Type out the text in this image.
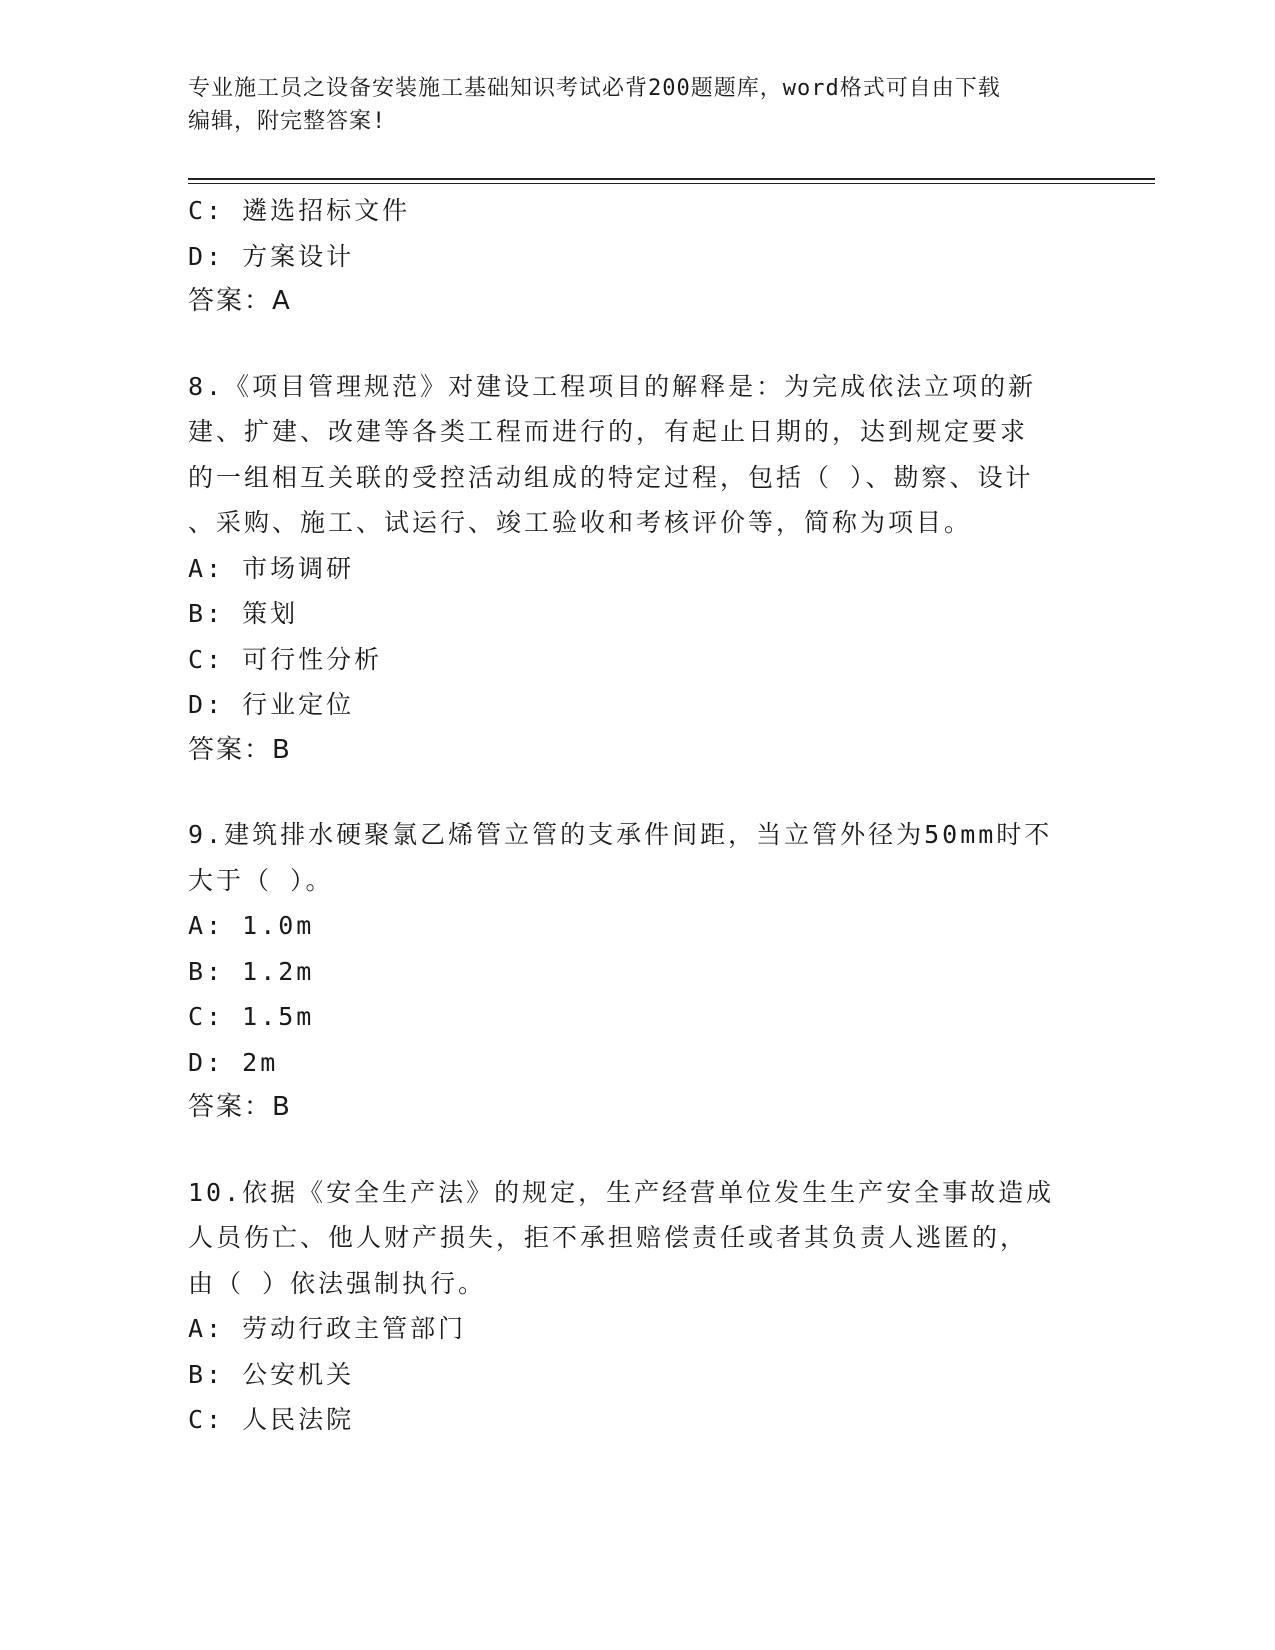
专业施工员之设备安装施工基础知识考试必背200题题库，word格式可自由下载
编辑，附完整答案!
C: 遴选招标文件
D: 方案设计
答案：A
8.《项目管理规范》对建设工程项目的解释是：为完成依法立项的新
建、扩建、改建等各类工程而进行的，有起止日期的，达到规定要求
的一组相互关联的受控活动组成的特定过程，包括（ ）、勘察、设计
、采购、施工、试运行、竣工验收和考核评价等，简称为项目。
A: 市场调研
B: 策划
C: 可行性分析
D: 行业定位
答案：B
9.建筑排水硬聚氯乙烯管立管的支承件间距，当立管外径为50mm时不
大于（ ）。
A: 1.0m
B: 1.2m
C: 1.5m
D: 2m
答案：B
10.依据《安全生产法》的规定，生产经营单位发生生产安全事故造成
人员伤亡、他人财产损失，拒不承担赔偿责任或者其负责人逃匿的，
由（ ）依法强制执行。
A: 劳动行政主管部门
B: 公安机关
C: 人民法院
